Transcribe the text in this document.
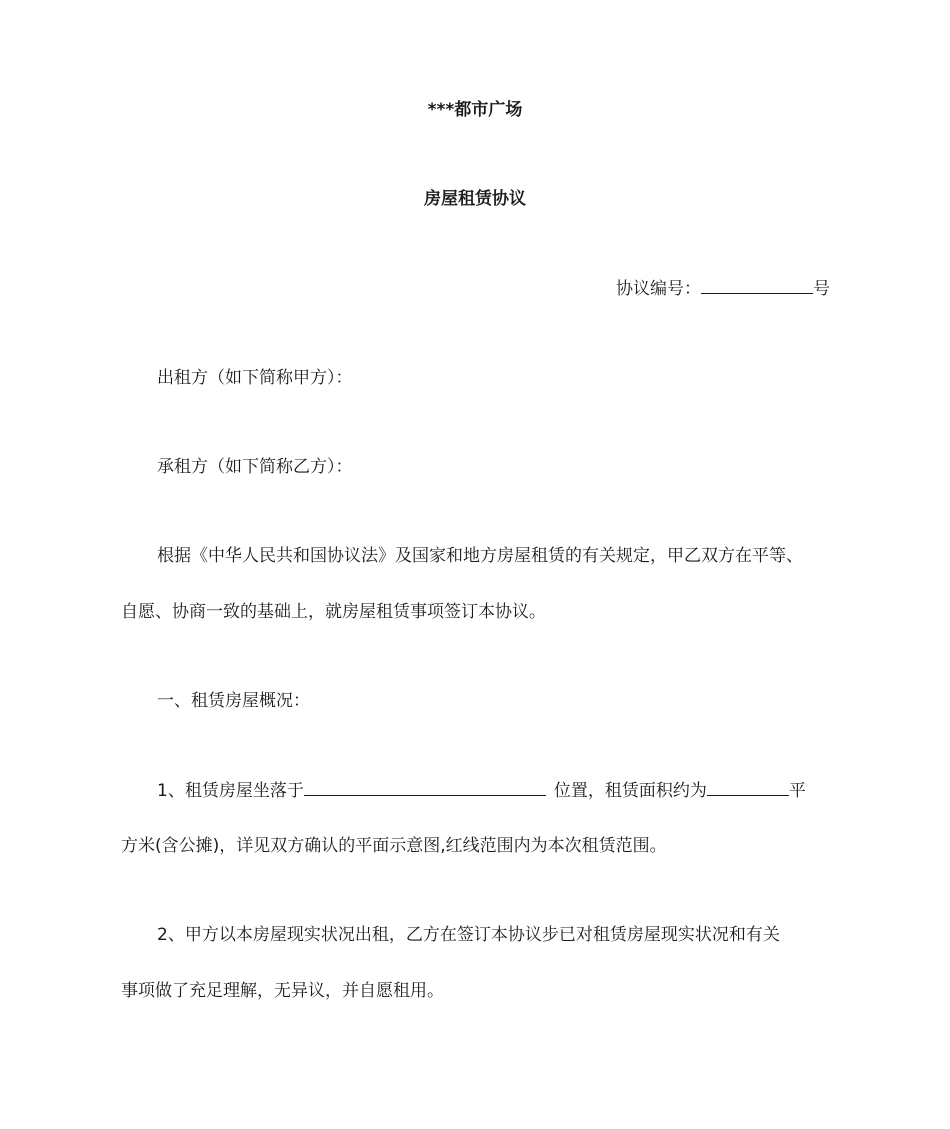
***都市广场
房屋租赁协议
协议编号：	号
出租方（如下简称甲方）：
承租方（如下简称乙方）：
根据《中华人民共和国协议法》及国家和地方房屋租赁的有关规定，甲乙双方在平等、
自愿、协商一致的基础上，就房屋租赁事项签订本协议。
一、租赁房屋概况：
1、租赁房屋坐落于	位置，租赁面积约为	平
方米(含公摊)，详见双方确认的平面示意图,红线范围内为本次租赁范围。
2、甲方以本房屋现实状况出租，乙方在签订本协议步已对租赁房屋现实状况和有关
事项做了充足理解，无异议，并自愿租用。
